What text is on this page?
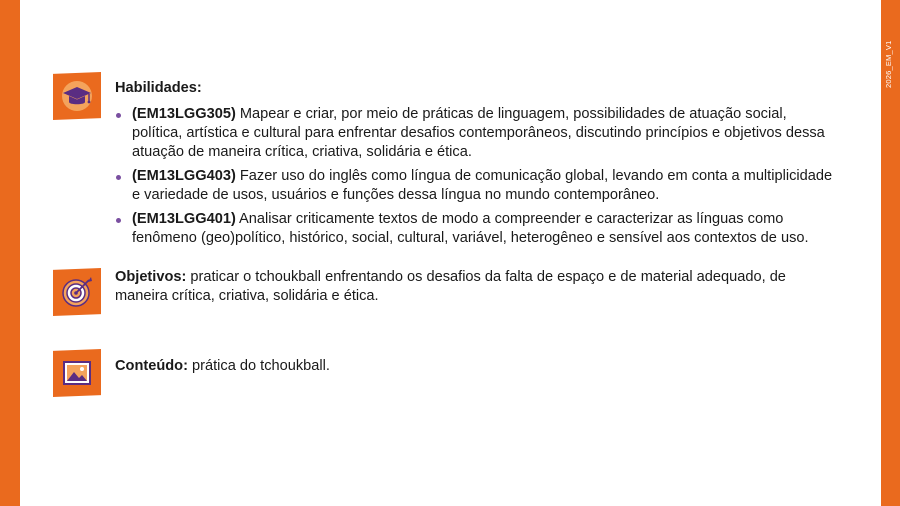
2026_EM_V1
Habilidades:
(EM13LGG305) Mapear e criar, por meio de práticas de linguagem, possibilidades de atuação social, política, artística e cultural para enfrentar desafios contemporâneos, discutindo princípios e objetivos dessa atuação de maneira crítica, criativa, solidária e ética.
(EM13LGG403) Fazer uso do inglês como língua de comunicação global, levando em conta a multiplicidade e variedade de usos, usuários e funções dessa língua no mundo contemporâneo.
(EM13LGG401) Analisar criticamente textos de modo a compreender e caracterizar as línguas como fenômeno (geo)político, histórico, social, cultural, variável, heterogêneo e sensível aos contextos de uso.
Objetivos: praticar o tchoukball enfrentando os desafios da falta de espaço e de material adequado, de maneira crítica, criativa, solidária e ética.
Conteúdo: prática do tchoukball.
